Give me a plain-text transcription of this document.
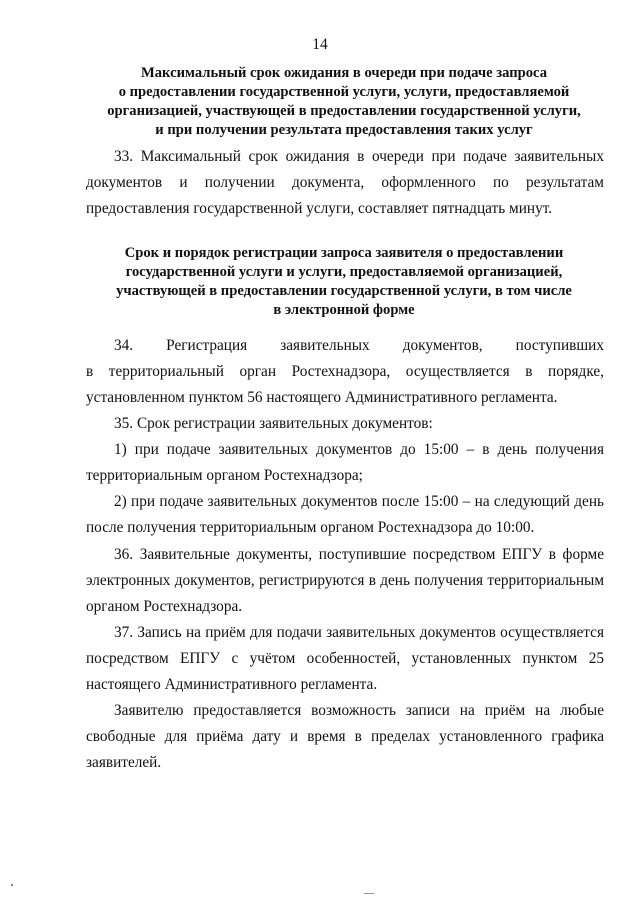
14
Максимальный срок ожидания в очереди при подаче запроса
о предоставлении государственной услуги, услуги, предоставляемой
организацией, участвующей в предоставлении государственной услуги,
и при получении результата предоставления таких услуг
33. Максимальный срок ожидания в очереди при подаче заявительных
документов и получении документа, оформленного по результатам
предоставления государственной услуги, составляет пятнадцать минут.
Срок и порядок регистрации запроса заявителя о предоставлении
государственной услуги и услуги, предоставляемой организацией,
участвующей в предоставлении государственной услуги, в том числе
в электронной форме
34. Регистрация заявительных документов, поступивших
в территориальный орган Ростехнадзора, осуществляется в порядке,
установленном пунктом 56 настоящего Административного регламента.
35. Срок регистрации заявительных документов:
1) при подаче заявительных документов до 15:00 – в день получения
территориальным органом Ростехнадзора;
2) при подаче заявительных документов после 15:00 – на следующий день
после получения территориальным органом Ростехнадзора до 10:00.
36. Заявительные документы, поступившие посредством ЕПГУ в форме
электронных документов, регистрируются в день получения территориальным
органом Ростехнадзора.
37. Запись на приём для подачи заявительных документов осуществляется
посредством ЕПГУ с учётом особенностей, установленных пунктом 25
настоящего Административного регламента.
Заявителю предоставляется возможность записи на приём на любые
свободные для приёма дату и время в пределах установленного графика
заявителей.
